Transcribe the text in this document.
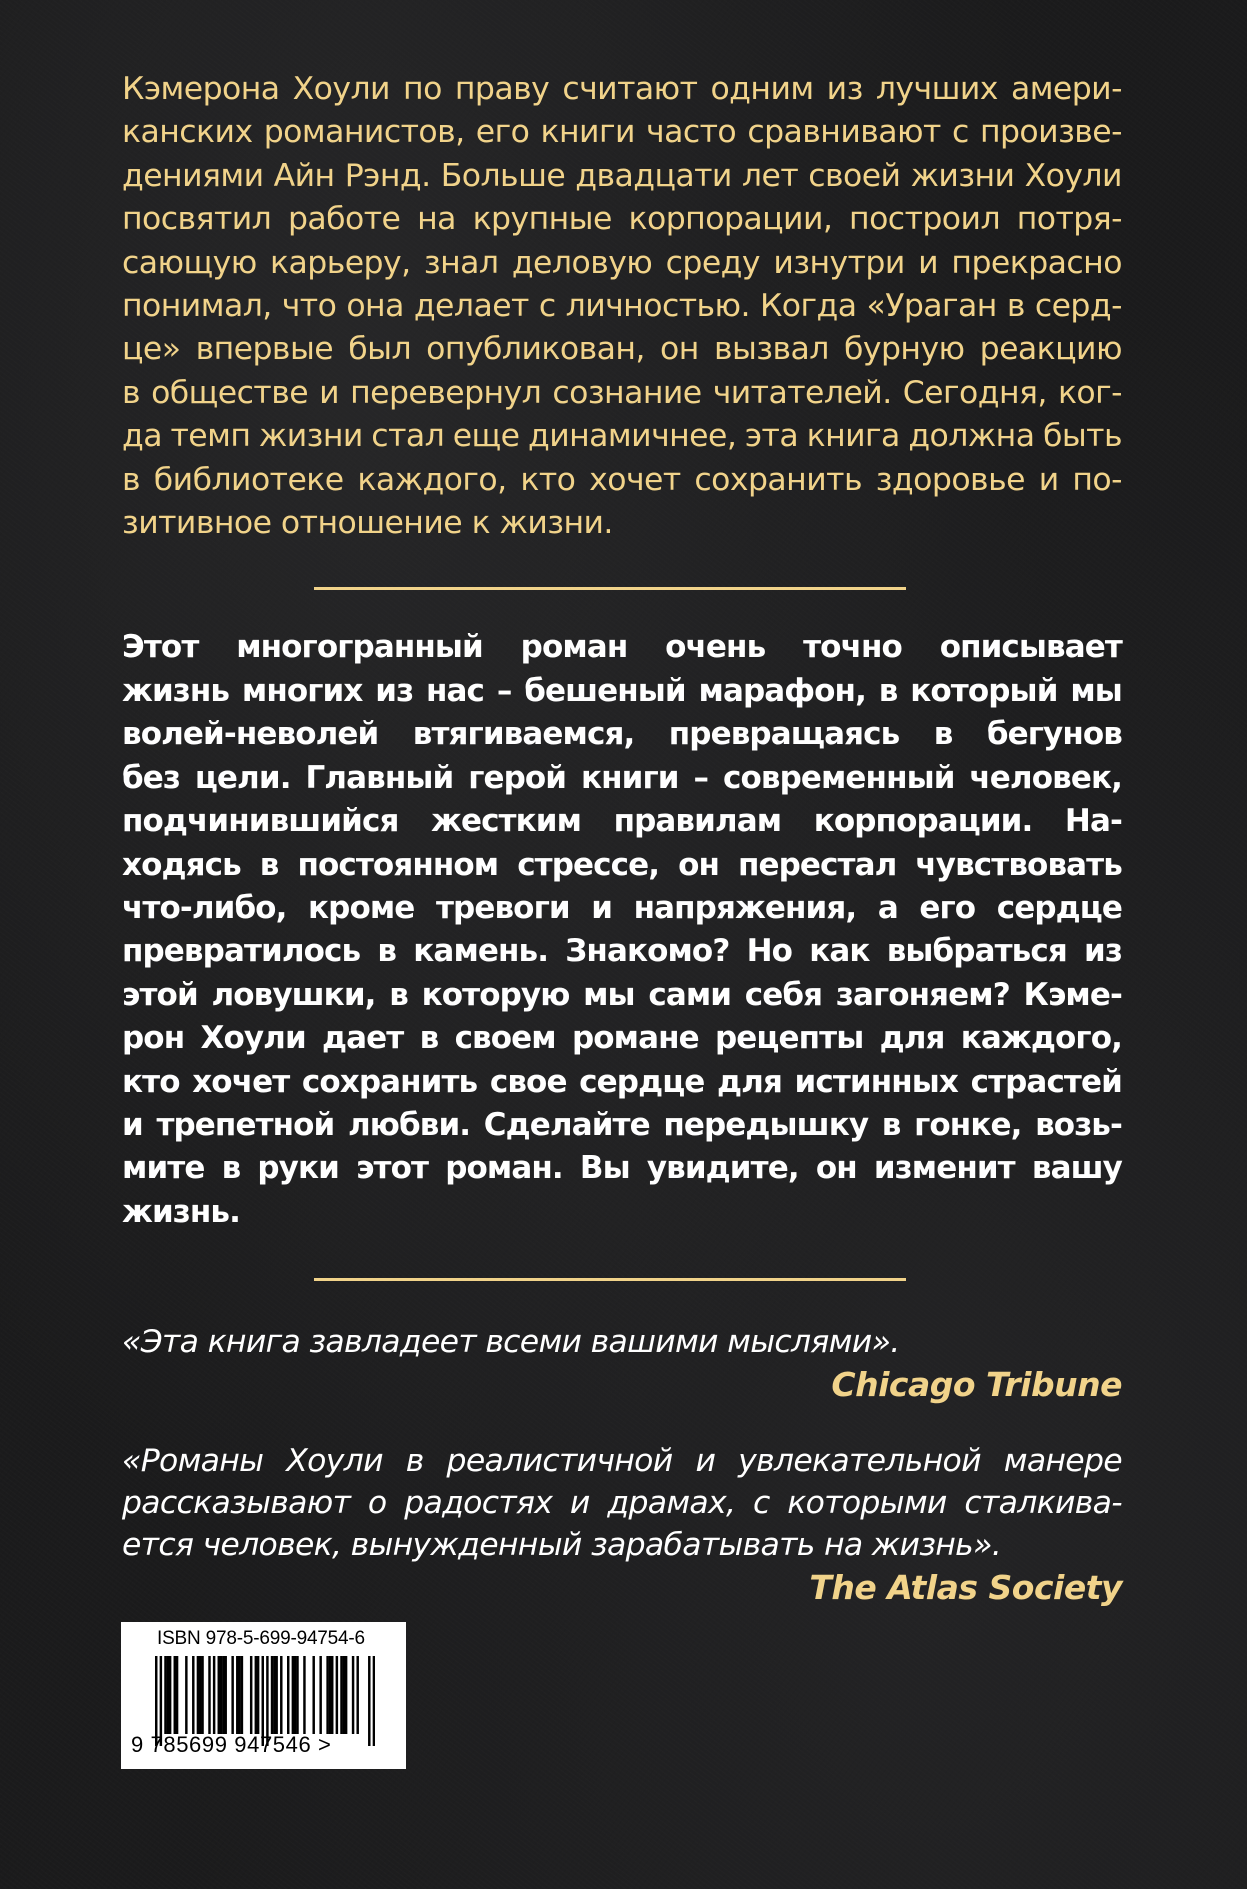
Кэмерона Хоули по праву считают одним из лучших амери-
канских романистов, его книги часто сравнивают с произве-
дениями Айн Рэнд. Больше двадцати лет своей жизни Хоули
посвятил работе на крупные корпорации, построил потря-
сающую карьеру, знал деловую среду изнутри и прекрасно
понимал, что она делает с личностью. Когда «Ураган в серд-
це» впервые был опубликован, он вызвал бурную реакцию
в обществе и перевернул сознание читателей. Сегодня, ког-
да темп жизни стал еще динамичнее, эта книга должна быть
в библиотеке каждого, кто хочет сохранить здоровье и по-
зитивное отношение к жизни.
Этот многогранный роман очень точно описывает
жизнь многих из нас – бешеный марафон, в который мы
волей-неволей втягиваемся, превращаясь в бегунов
без цели. Главный герой книги – современный человек,
подчинившийся жестким правилам корпорации. На-
ходясь в постоянном стрессе, он перестал чувствовать
что-либо, кроме тревоги и напряжения, а его сердце
превратилось в камень. Знакомо? Но как выбраться из
этой ловушки, в которую мы сами себя загоняем? Кэме-
рон Хоули дает в своем романе рецепты для каждого,
кто хочет сохранить свое сердце для истинных страстей
и трепетной любви. Сделайте передышку в гонке, возь-
мите в руки этот роман. Вы увидите, он изменит вашу
жизнь.
«Эта книга завладеет всеми вашими мыслями».
Chicago Tribune
«Романы Хоули в реалистичной и увлекательной манере
рассказывают о радостях и драмах, с которыми сталкива-
ется человек, вынужденный зарабатывать на жизнь».
The Atlas Society
ISBN 978-5-699-94754-6
9 785699 947546 >
